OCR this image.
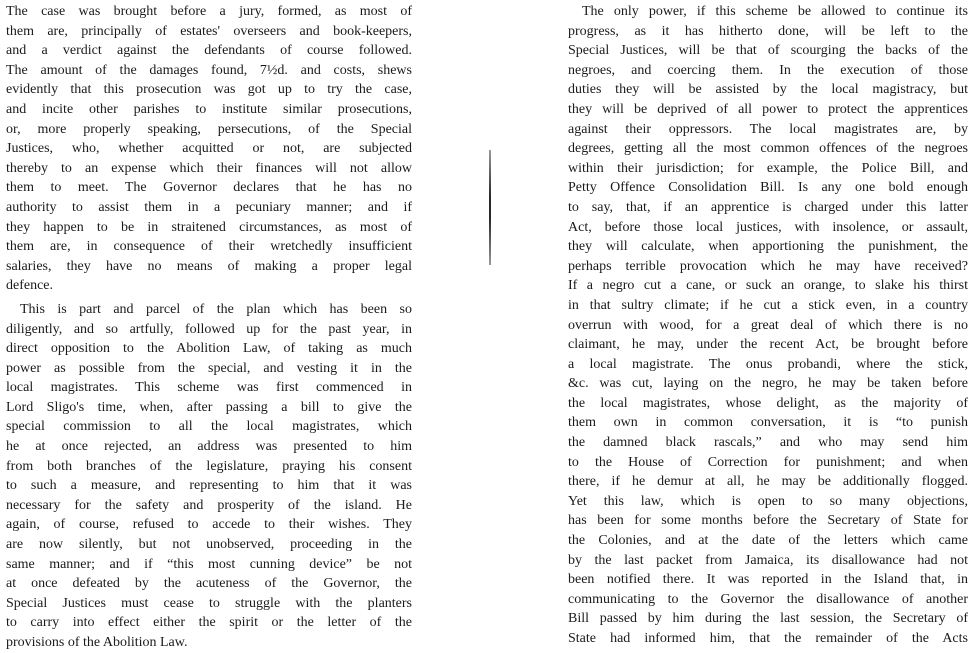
The case was brought before a jury, formed, as most of
them are, principally of estates' overseers and book-keepers,
and a verdict against the defendants of course followed.
The amount of the damages found, 7½d. and costs, shews
evidently that this prosecution was got up to try the case,
and incite other parishes to institute similar prosecutions,
or, more properly speaking, persecutions, of the Special
Justices, who, whether acquitted or not, are subjected
thereby to an expense which their finances will not allow
them to meet. The Governor declares that he has no
authority to assist them in a pecuniary manner; and if
they happen to be in straitened circumstances, as most of
them are, in consequence of their wretchedly insufficient
salaries, they have no means of making a proper legal
defence.
This is part and parcel of the plan which has been so
diligently, and so artfully, followed up for the past year, in
direct opposition to the Abolition Law, of taking as much
power as possible from the special, and vesting it in the
local magistrates. This scheme was first commenced in
Lord Sligo's time, when, after passing a bill to give the
special commission to all the local magistrates, which
he at once rejected, an address was presented to him
from both branches of the legislature, praying his consent
to such a measure, and representing to him that it was
necessary for the safety and prosperity of the island. He
again, of course, refused to accede to their wishes. They
are now silently, but not unobserved, proceeding in the
same manner; and if “this most cunning device” be not
at once defeated by the acuteness of the Governor, the
Special Justices must cease to struggle with the planters
to carry into effect either the spirit or the letter of the
provisions of the Abolition Law.
The only power, if this scheme be allowed to continue its
progress, as it has hitherto done, will be left to the
Special Justices, will be that of scourging the backs of the
negroes, and coercing them. In the execution of those
duties they will be assisted by the local magistracy, but
they will be deprived of all power to protect the apprentices
against their oppressors. The local magistrates are, by
degrees, getting all the most common offences of the negroes
within their jurisdiction; for example, the Police Bill, and
Petty Offence Consolidation Bill. Is any one bold enough
to say, that, if an apprentice is charged under this latter
Act, before those local justices, with insolence, or assault,
they will calculate, when apportioning the punishment, the
perhaps terrible provocation which he may have received?
If a negro cut a cane, or suck an orange, to slake his thirst
in that sultry climate; if he cut a stick even, in a country
overrun with wood, for a great deal of which there is no
claimant, he may, under the recent Act, be brought before
a local magistrate. The onus probandi, where the stick,
&c. was cut, laying on the negro, he may be taken before
the local magistrates, whose delight, as the majority of
them own in common conversation, it is “to punish
the damned black rascals,” and who may send him
to the House of Correction for punishment; and when
there, if he demur at all, he may be additionally flogged.
Yet this law, which is open to so many objections,
has been for some months before the Secretary of State for
the Colonies, and at the date of the letters which came
by the last packet from Jamaica, its disallowance had not
been notified there. It was reported in the Island that, in
communicating to the Governor the disallowance of another
Bill passed by him during the last session, the Secretary of
State had informed him, that the remainder of the Acts
